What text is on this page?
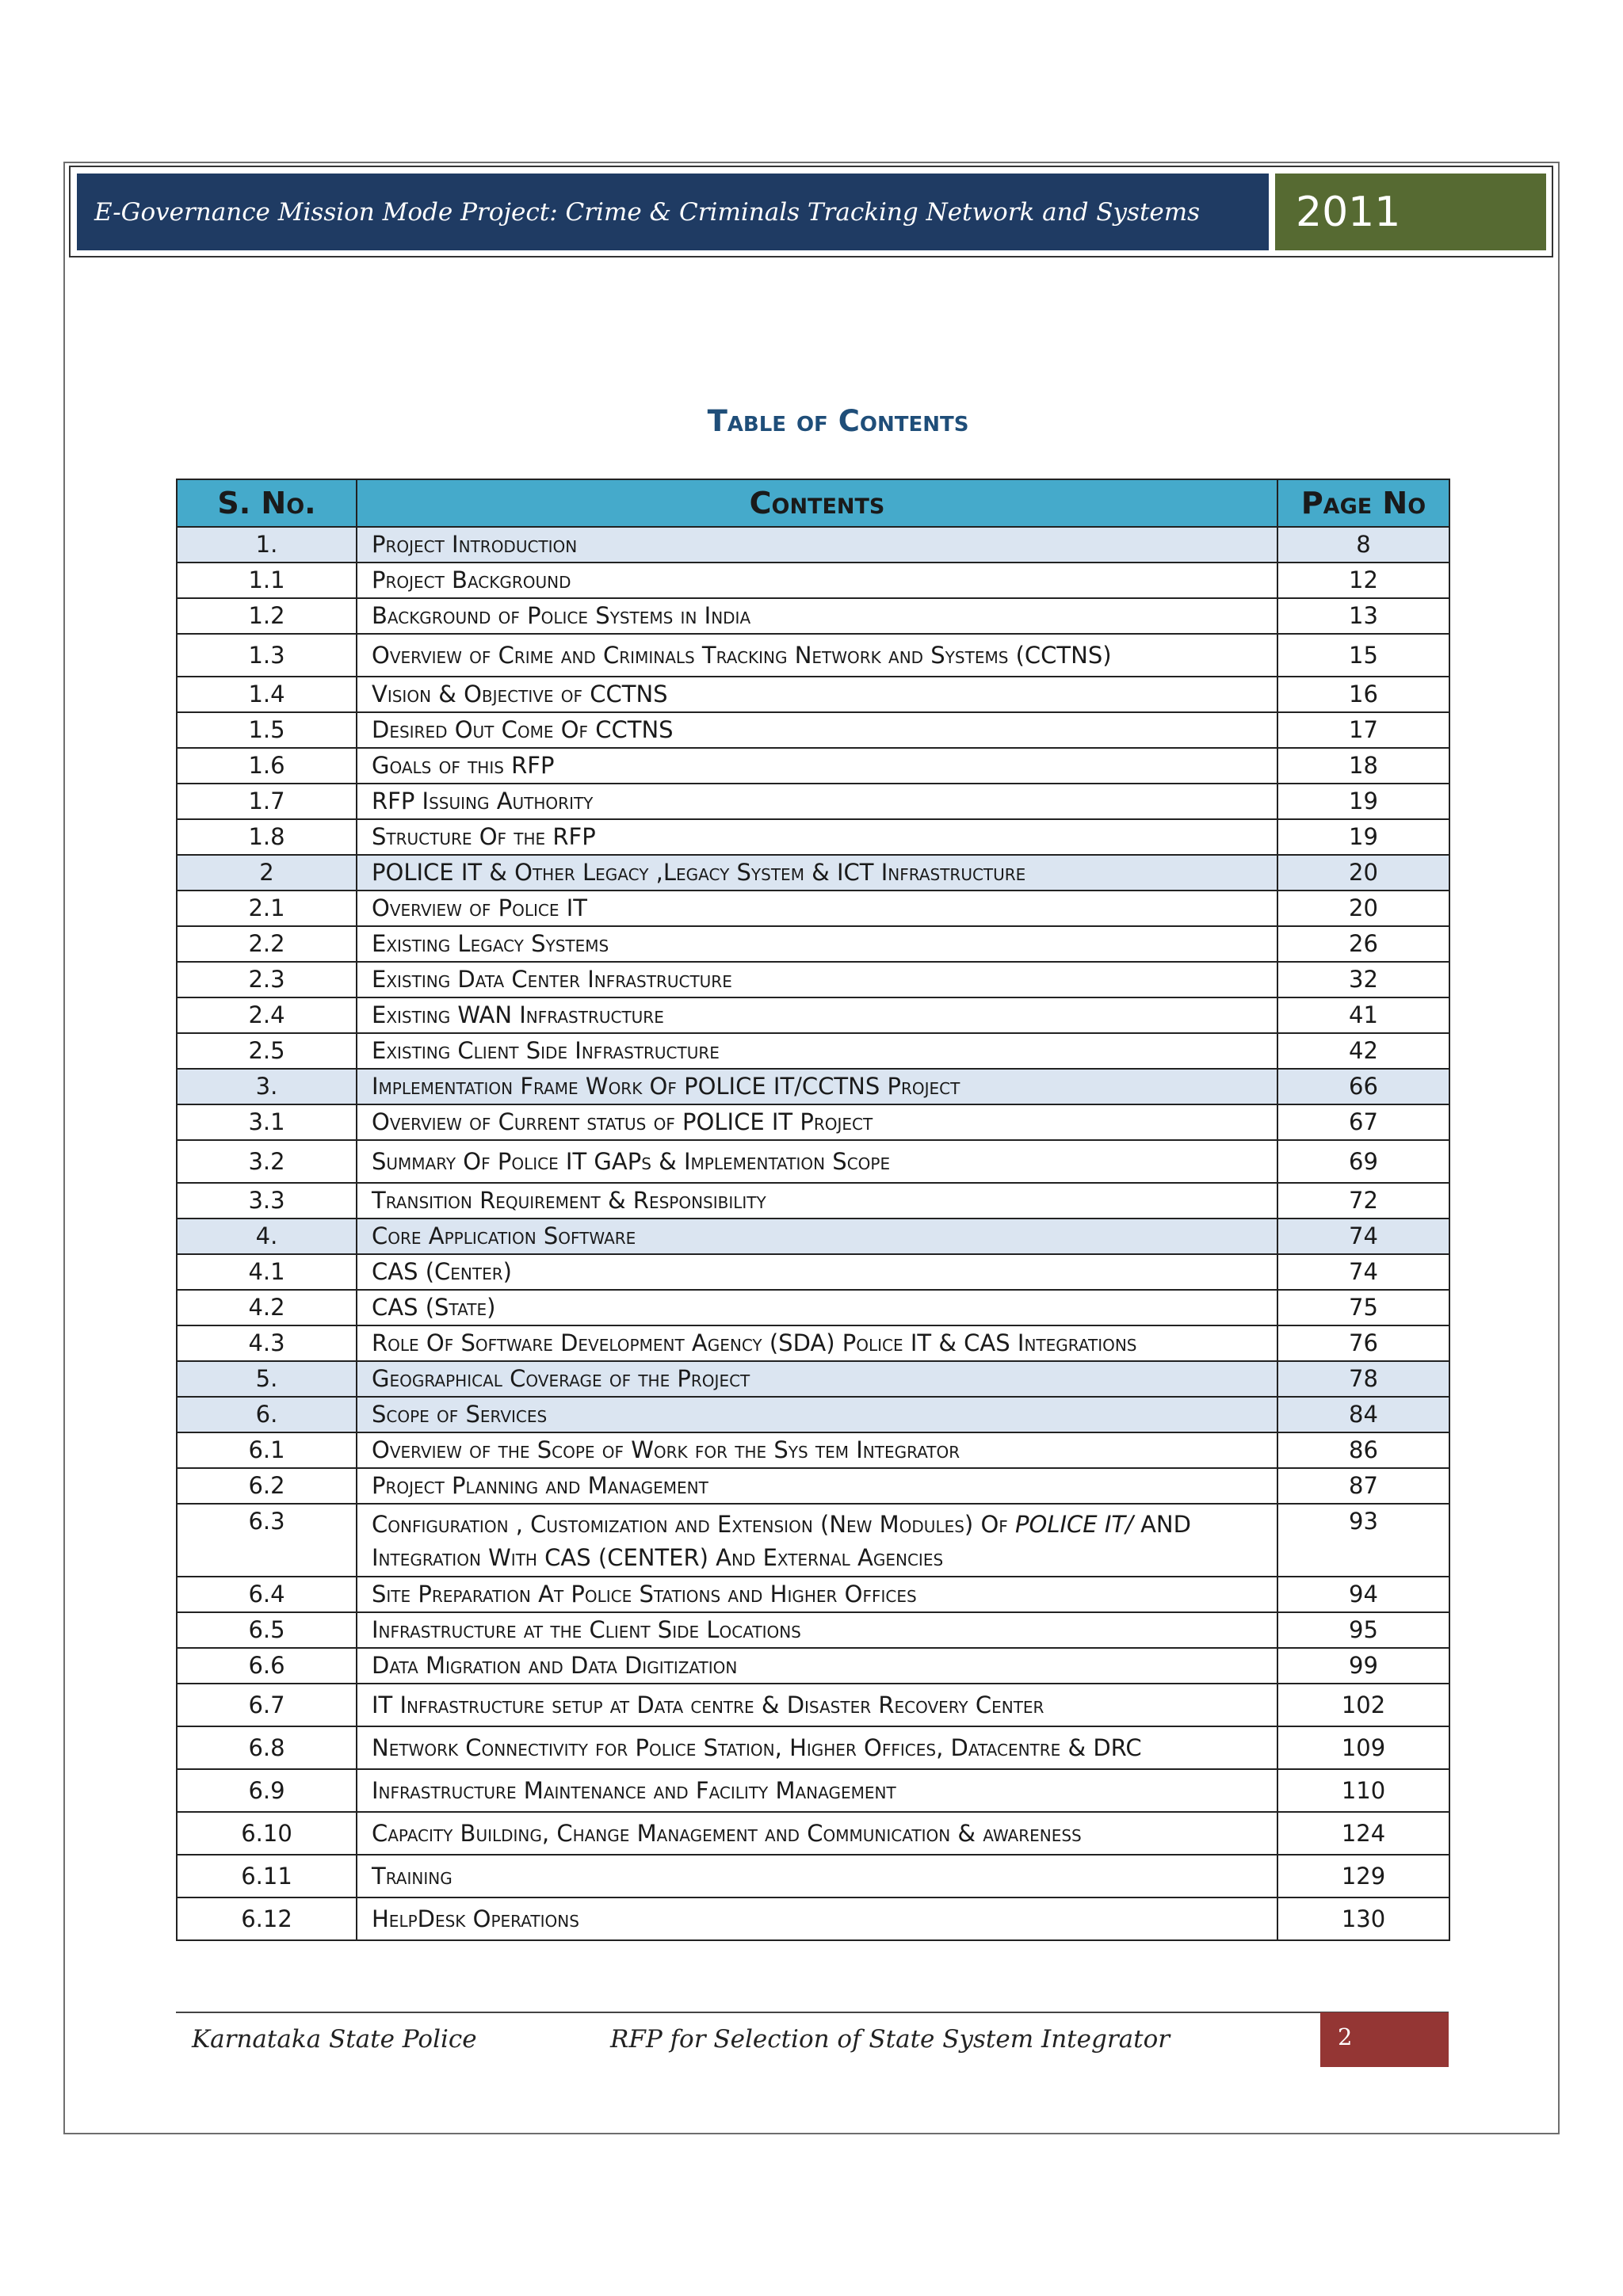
E-Governance Mission Mode Project: Crime & Criminals Tracking Network and Systems	2011
Table of Contents
S. No.	Contents	Page No
1.	Project Introduction	8
1.1	Project Background	12
1.2	Background of Police Systems in India	13
1.3	Overview of Crime and Criminals Tracking Network and Systems (CCTNS)	15
1.4	Vision & Objective of CCTNS	16
1.5	Desired Out Come Of CCTNS	17
1.6	Goals of this RFP	18
1.7	RFP Issuing Authority	19
1.8	Structure Of the RFP	19
2	POLICE IT & Other Legacy ,Legacy System & ICT Infrastructure	20
2.1	Overview of Police IT	20
2.2	Existing Legacy Systems	26
2.3	Existing Data Center Infrastructure	32
2.4	Existing WAN Infrastructure	41
2.5	Existing Client Side Infrastructure	42
3.	Implementation Frame Work Of POLICE IT/CCTNS Project	66
3.1	Overview of Current status of POLICE IT Project	67
3.2	Summary Of Police IT GAPs & Implementation Scope	69
3.3	Transition Requirement & Responsibility	72
4.	Core Application Software	74
4.1	CAS (Center)	74
4.2	CAS (State)	75
4.3	Role Of Software Development Agency (SDA) Police IT & CAS Integrations	76
5.	Geographical Coverage of the Project	78
6.	Scope of Services	84
6.1	Overview of the Scope of Work for the Sys tem Integrator	86
6.2	Project Planning and Management	87
6.3	Configuration , Customization and Extension (New Modules) Of POLICE IT/ AND Integration With CAS (CENTER) And External Agencies	93
6.4	Site Preparation At Police Stations and Higher Offices	94
6.5	Infrastructure at the Client Side Locations	95
6.6	Data Migration and Data Digitization	99
6.7	IT Infrastructure setup at Data centre & Disaster Recovery Center	102
6.8	Network Connectivity for Police Station, Higher Offices, Datacentre & DRC	109
6.9	Infrastructure Maintenance and Facility Management	110
6.10	Capacity Building, Change Management and Communication & awareness	124
6.11	Training	129
6.12	HelpDesk Operations	130
Karnataka State Police	RFP for Selection of State System Integrator	2
